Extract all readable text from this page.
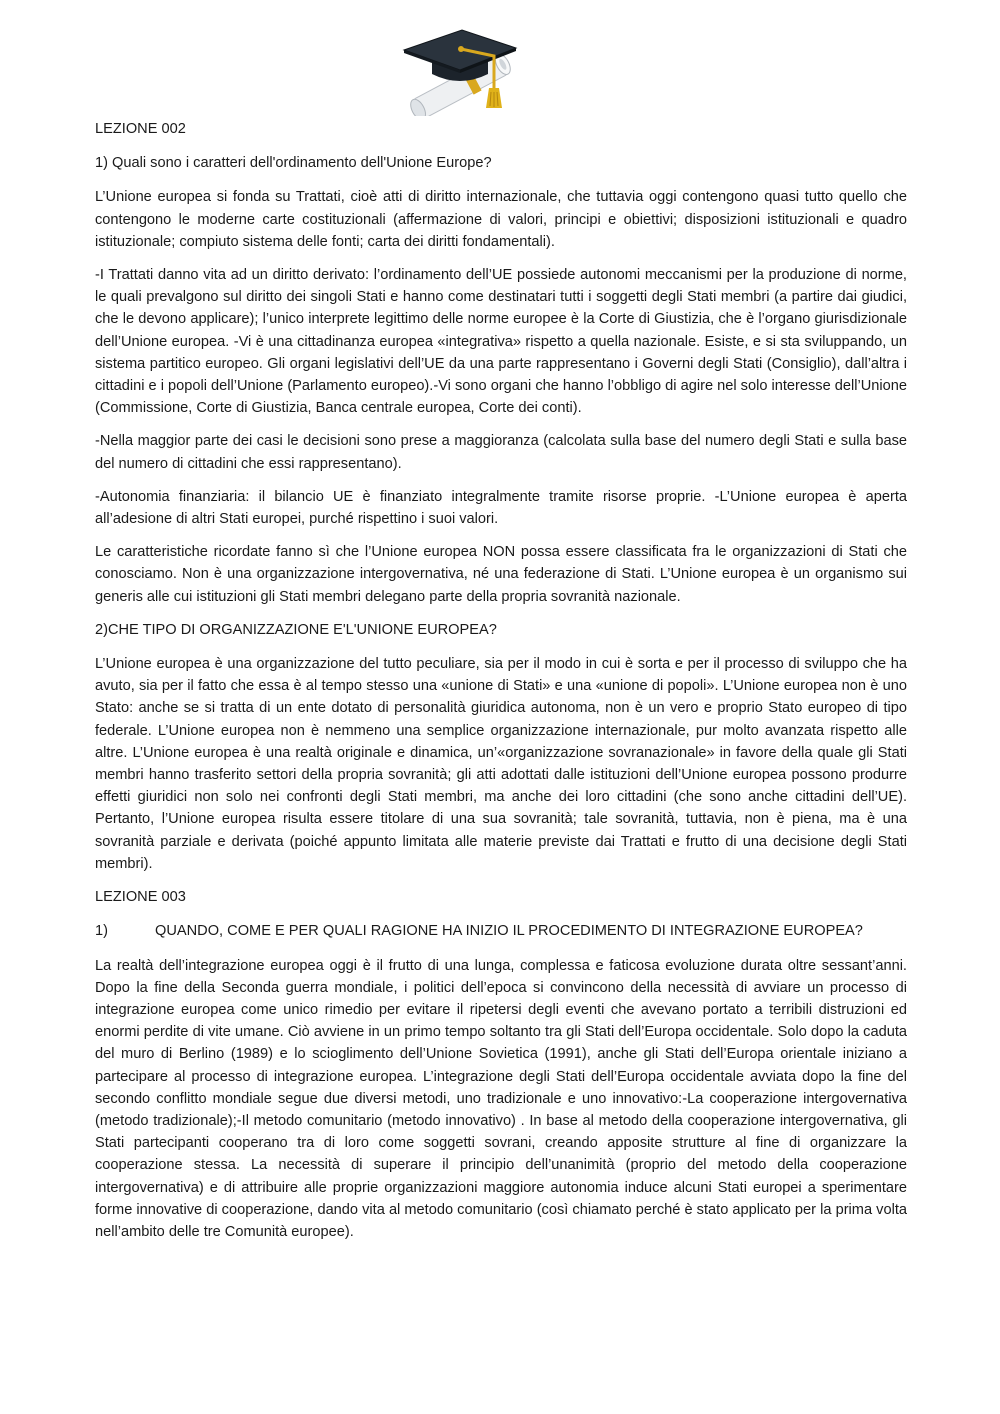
LEZIONE 002
1) Quali sono i caratteri dell'ordinamento dell'Unione Europe?

L’Unione europea si fonda su Trattati, cioè atti di diritto internazionale, che tuttavia oggi contengono quasi tutto quello che contengono le moderne carte costituzionali (affermazione di valori, principi e obiettivi; disposizioni istituzionali e quadro istituzionale; compiuto sistema delle fonti; carta dei diritti fondamentali).

-I Trattati danno vita ad un diritto derivato: l’ordinamento dell’UE possiede autonomi meccanismi per la produzione di norme, le quali prevalgono sul diritto dei singoli Stati e hanno come destinatari tutti i soggetti degli Stati membri (a partire dai giudici, che le devono applicare); l’unico interprete legittimo delle norme europee è la Corte di Giustizia, che è l’organo giurisdizionale dell’Unione europea. -Vi è una cittadinanza europea «integrativa» rispetto a quella nazionale. Esiste, e si sta sviluppando, un sistema partitico europeo. Gli organi legislativi dell’UE da una parte rappresentano i Governi degli Stati (Consiglio), dall’altra i cittadini e i popoli dell’Unione (Parlamento europeo).-Vi sono organi che hanno l’obbligo di agire nel solo interesse dell’Unione (Commissione, Corte di Giustizia, Banca centrale europea, Corte dei conti).

-Nella maggior parte dei casi le decisioni sono prese a maggioranza (calcolata sulla base del numero degli Stati e sulla base del numero di cittadini che essi rappresentano).

-Autonomia finanziaria: il bilancio UE è finanziato integralmente tramite risorse proprie. -L’Unione europea è aperta all’adesione di altri Stati europei, purché rispettino i suoi valori.

Le caratteristiche ricordate fanno sì che l’Unione europea NON possa essere classificata fra le organizzazioni di Stati che conosciamo. Non è una organizzazione intergovernativa, né una federazione di Stati. L’Unione europea è un organismo sui generis alle cui istituzioni gli Stati membri delegano parte della propria sovranità nazionale.

2)CHE TIPO DI ORGANIZZAZIONE E'L'UNIONE EUROPEA?

L’Unione europea è una organizzazione del tutto peculiare, sia per il modo in cui è sorta e per il processo di sviluppo che ha avuto, sia per il fatto che essa è al tempo stesso una «unione di Stati» e una «unione di popoli». L’Unione europea non è uno Stato: anche se si tratta di un ente dotato di personalità giuridica autonoma, non è un vero e proprio Stato europeo di tipo federale. L’Unione europea non è nemmeno una semplice organizzazione internazionale, pur molto avanzata rispetto alle altre. L’Unione europea è una realtà originale e dinamica, un’«organizzazione sovranazionale» in favore della quale gli Stati membri hanno trasferito settori della propria sovranità; gli atti adottati dalle istituzioni dell’Unione europea possono produrre effetti giuridici non solo nei confronti degli Stati membri, ma anche dei loro cittadini (che sono anche cittadini dell’UE). Pertanto, l’Unione europea risulta essere titolare di una sua sovranità; tale sovranità, tuttavia, non è piena, ma è una sovranità parziale e derivata (poiché appunto limitata alle materie previste dai Trattati e frutto di una decisione degli Stati membri).

LEZIONE 003
1)	QUANDO, COME E PER QUALI RAGIONE HA INIZIO IL PROCEDIMENTO DI INTEGRAZIONE EUROPEA?

La realtà dell’integrazione europea oggi è il frutto di una lunga, complessa e faticosa evoluzione durata oltre sessant’anni. Dopo la fine della Seconda guerra mondiale, i politici dell’epoca si convincono della necessità di avviare un processo di integrazione europea come unico rimedio per evitare il ripetersi degli eventi che avevano portato a terribili distruzioni ed enormi perdite di vite umane. Ciò avviene in un primo tempo soltanto tra gli Stati dell’Europa occidentale. Solo dopo la caduta del muro di Berlino (1989) e lo scioglimento dell’Unione Sovietica (1991), anche gli Stati dell’Europa orientale iniziano a partecipare al processo di integrazione europea. L’integrazione degli Stati dell’Europa occidentale avviata dopo la fine del secondo conflitto mondiale segue due diversi metodi, uno tradizionale e uno innovativo:-La cooperazione intergovernativa (metodo tradizionale);-Il metodo comunitario (metodo innovativo) . In base al metodo della cooperazione intergovernativa, gli Stati partecipanti cooperano tra di loro come soggetti sovrani, creando apposite strutture al fine di organizzare la cooperazione stessa. La necessità di superare il principio dell’unanimità (proprio del metodo della cooperazione intergovernativa) e di attribuire alle proprie organizzazioni maggiore autonomia induce alcuni Stati europei a sperimentare forme innovative di cooperazione, dando vita al metodo comunitario (così chiamato perché è stato applicato per la prima volta nell’ambito delle tre Comunità europee).
